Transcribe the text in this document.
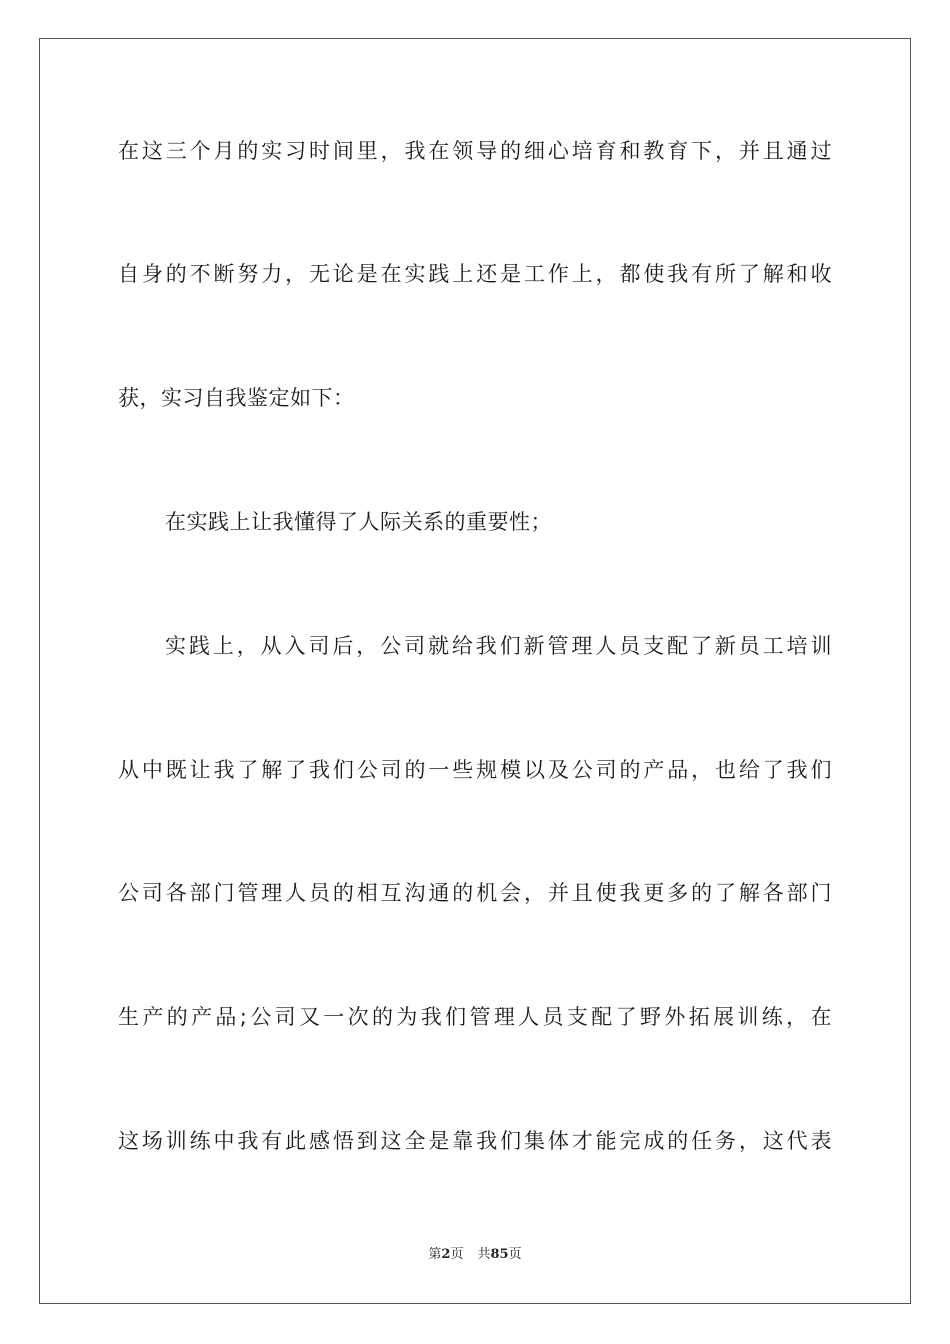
在这三个月的实习时间里，我在领导的细心培育和教育下，并且通过
自身的不断努力，无论是在实践上还是工作上，都使我有所了解和收
获，实习自我鉴定如下：
在实践上让我懂得了人际关系的重要性；
实践上，从入司后，公司就给我们新管理人员支配了新员工培训
从中既让我了解了我们公司的一些规模以及公司的产品，也给了我们
公司各部门管理人员的相互沟通的机会，并且使我更多的了解各部门
生产的产品;公司又一次的为我们管理人员支配了野外拓展训练，在
这场训练中我有此感悟到这全是靠我们集体才能完成的任务，这代表
第2页 共85页
